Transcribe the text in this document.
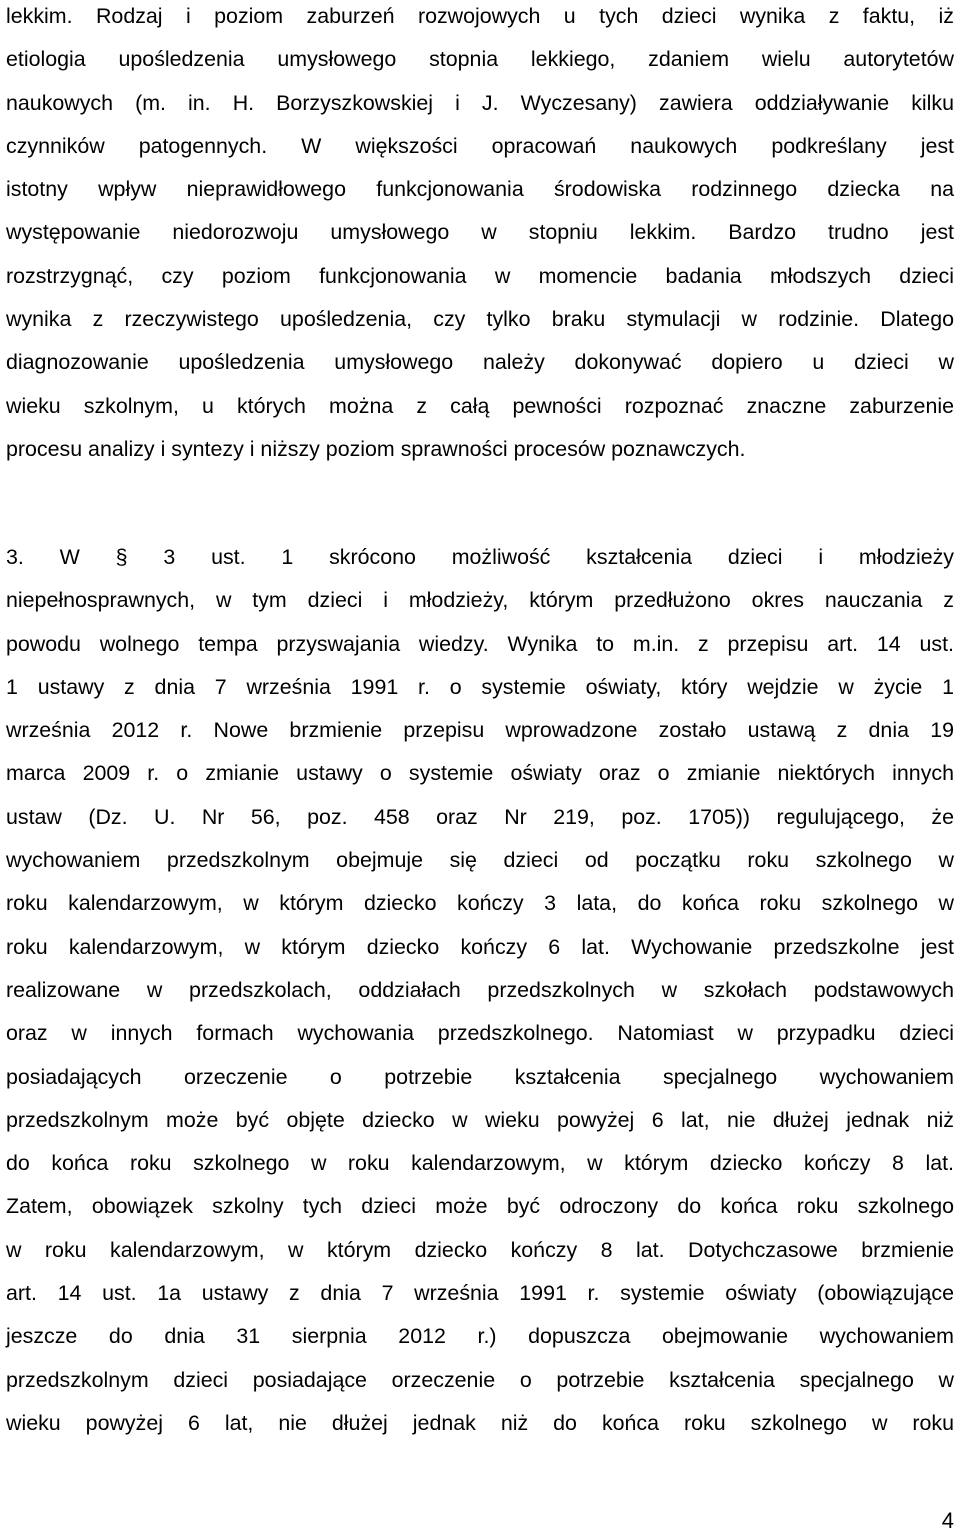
lekkim. Rodzaj i poziom zaburzeń rozwojowych u tych dzieci wynika z faktu, iż
etiologia upośledzenia umysłowego stopnia lekkiego, zdaniem wielu autorytetów
naukowych (m. in. H. Borzyszkowskiej i J. Wyczesany) zawiera oddziaływanie kilku
czynników patogennych. W większości opracowań naukowych podkreślany jest
istotny wpływ nieprawidłowego funkcjonowania środowiska rodzinnego dziecka na
występowanie niedorozwoju umysłowego w stopniu lekkim. Bardzo trudno jest
rozstrzygnąć, czy poziom funkcjonowania w momencie badania młodszych dzieci
wynika z rzeczywistego upośledzenia, czy tylko braku stymulacji w rodzinie. Dlatego
diagnozowanie upośledzenia umysłowego należy dokonywać dopiero u dzieci w
wieku szkolnym, u których można z całą pewności rozpoznać znaczne zaburzenie
procesu analizy i syntezy i niższy poziom sprawności procesów poznawczych.
3. W § 3 ust. 1 skrócono możliwość kształcenia dzieci i młodzieży
niepełnosprawnych, w tym dzieci i młodzieży, którym przedłużono okres nauczania z
powodu wolnego tempa przyswajania wiedzy. Wynika to m.in. z przepisu art. 14 ust.
1 ustawy z dnia 7 września 1991 r. o systemie oświaty, który wejdzie w życie 1
września 2012 r. Nowe brzmienie przepisu wprowadzone zostało ustawą z dnia 19
marca 2009 r. o zmianie ustawy o systemie oświaty oraz o zmianie niektórych innych
ustaw (Dz. U. Nr 56, poz. 458 oraz Nr 219, poz. 1705)) regulującego, że
wychowaniem przedszkolnym obejmuje się dzieci od początku roku szkolnego w
roku kalendarzowym, w którym dziecko kończy 3 lata, do końca roku szkolnego w
roku kalendarzowym, w którym dziecko kończy 6 lat. Wychowanie przedszkolne jest
realizowane w przedszkolach, oddziałach przedszkolnych w szkołach podstawowych
oraz w innych formach wychowania przedszkolnego. Natomiast w przypadku dzieci
posiadających orzeczenie o potrzebie kształcenia specjalnego wychowaniem
przedszkolnym może być objęte dziecko w wieku powyżej 6 lat, nie dłużej jednak niż
do końca roku szkolnego w roku kalendarzowym, w którym dziecko kończy 8 lat.
Zatem, obowiązek szkolny tych dzieci może być odroczony do końca roku szkolnego
w roku kalendarzowym, w którym dziecko kończy 8 lat. Dotychczasowe brzmienie
art. 14 ust. 1a ustawy z dnia 7 września 1991 r. systemie oświaty (obowiązujące
jeszcze do dnia 31 sierpnia 2012 r.) dopuszcza obejmowanie wychowaniem
przedszkolnym dzieci posiadające orzeczenie o potrzebie kształcenia specjalnego w
wieku powyżej 6 lat, nie dłużej jednak niż do końca roku szkolnego w roku
4
